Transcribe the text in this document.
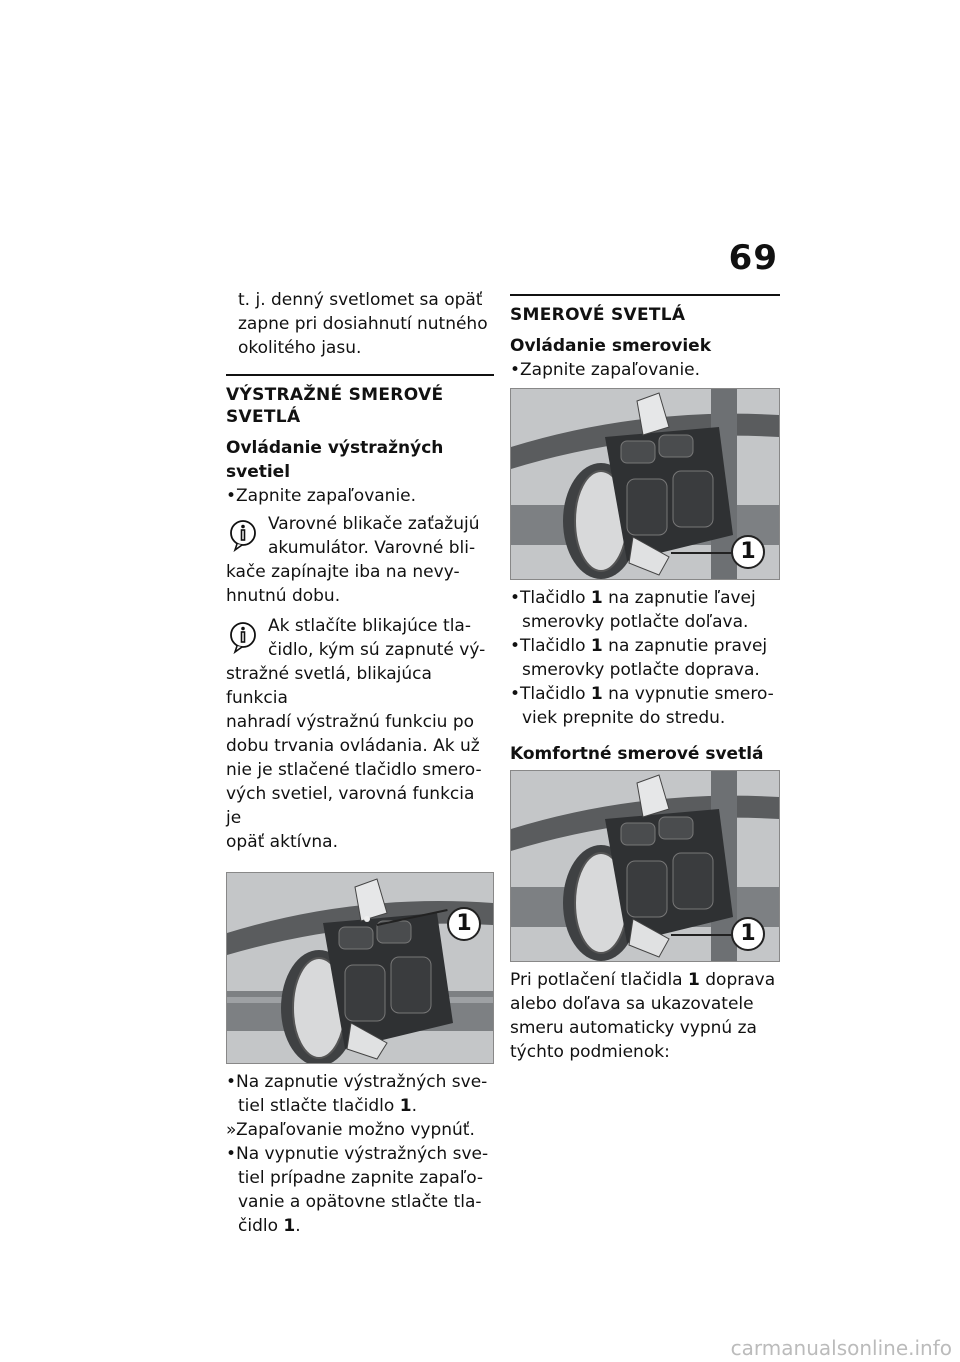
69
t. j. denný svetlomet sa opäť
zapne pri dosiahnutí nutného
okolitého jasu.
VÝSTRAŽNÉ SMEROVÉ
SVETLÁ
Ovládanie výstražných svetiel
• Zapnite zapaľovanie.
Varovné blikače zaťažujú
akumulátor. Varovné bli-
kače zapínajte iba na nevy-
hnutnú dobu.
Ak stlačíte blikajúce tla-
čidlo, kým sú zapnuté vý-
stražné svetlá, blikajúca funkcia
nahradí výstražnú funkciu po
dobu trvania ovládania. Ak už
nie je stlačené tlačidlo smero-
vých svetiel, varovná funkcia je
opäť aktívna.
1
• Na zapnutie výstražných sve-
tiel stlačte tlačidlo 1.
» Zapaľovanie možno vypnúť.
• Na vypnutie výstražných sve-
tiel prípadne zapnite zapaľo-
vanie a opätovne stlačte tla-
čidlo 1.
SMEROVÉ SVETLÁ
Ovládanie smeroviek
• Zapnite zapaľovanie.
1
• Tlačidlo 1 na zapnutie ľavej
smerovky potlačte doľava.
• Tlačidlo 1 na zapnutie pravej
smerovky potlačte doprava.
• Tlačidlo 1 na vypnutie smero-
viek prepnite do stredu.
Komfortné smerové svetlá
1
Pri potlačení tlačidla 1 doprava
alebo doľava sa ukazovatele
smeru automaticky vypnú za
týchto podmienok:
carmanualsonline.info
